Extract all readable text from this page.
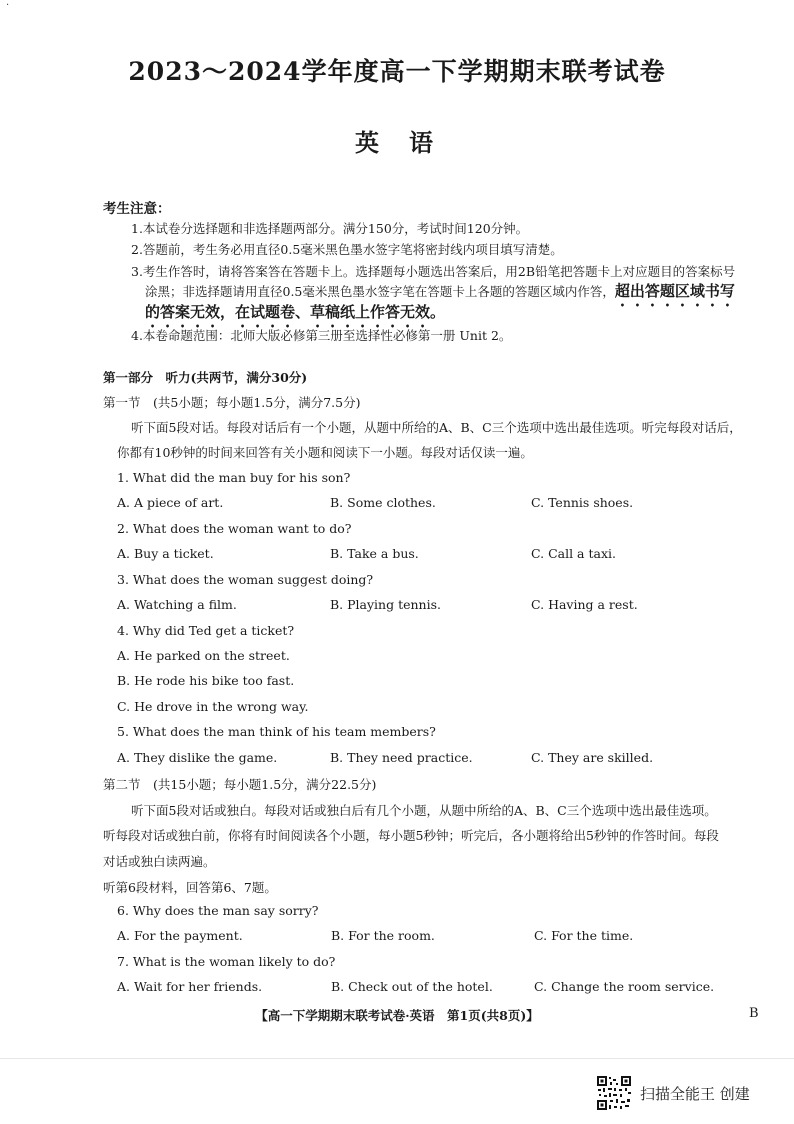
·
2023～2024学年度高一下学期期末联考试卷
英语
考生注意：
1.本试卷分选择题和非选择题两部分。满分150分，考试时间120分钟。
2.答题前，考生务必用直径0.5毫米黑色墨水签字笔将密封线内项目填写清楚。
3.考生作答时，请将答案答在答题卡上。选择题每小题选出答案后，用2B铅笔把答题卡上对应题目的答案标号
涂黑；非选择题请用直径0.5毫米黑色墨水签字笔在答题卡上各题的答题区域内作答，超出答题区域书写
的答案无效，在试题卷、草稿纸上作答无效。
4.本卷命题范围：北师大版必修第三册至选择性必修第一册 Unit 2。
第一部分　听力(共两节，满分30分)
第一节　(共5小题；每小题1.5分，满分7.5分)
听下面5段对话。每段对话后有一个小题，从题中所给的A、B、C三个选项中选出最佳选项。听完每段对话后，
你都有10秒钟的时间来回答有关小题和阅读下一小题。每段对话仅读一遍。
1. What did the man buy for his son?
A. A piece of art.	B. Some clothes.	C. Tennis shoes.
2. What does the woman want to do?
A. Buy a ticket.	B. Take a bus.	C. Call a taxi.
3. What does the woman suggest doing?
A. Watching a film.	B. Playing tennis.	C. Having a rest.
4. Why did Ted get a ticket?
A. He parked on the street.
B. He rode his bike too fast.
C. He drove in the wrong way.
5. What does the man think of his team members?
A. They dislike the game.	B. They need practice.	C. They are skilled.
第二节　(共15小题；每小题1.5分，满分22.5分)
听下面5段对话或独白。每段对话或独白后有几个小题，从题中所给的A、B、C三个选项中选出最佳选项。
听每段对话或独白前，你将有时间阅读各个小题，每小题5秒钟；听完后，各小题将给出5秒钟的作答时间。每段
对话或独白读两遍。
听第6段材料，回答第6、7题。
6. Why does the man say sorry?
A. For the payment.	B. For the room.	C. For the time.
7. What is the woman likely to do?
A. Wait for her friends.	B. Check out of the hotel.	C. Change the room service.
【高一下学期期末联考试卷·英语　第1页(共8页)】	B
扫描全能王 创建
